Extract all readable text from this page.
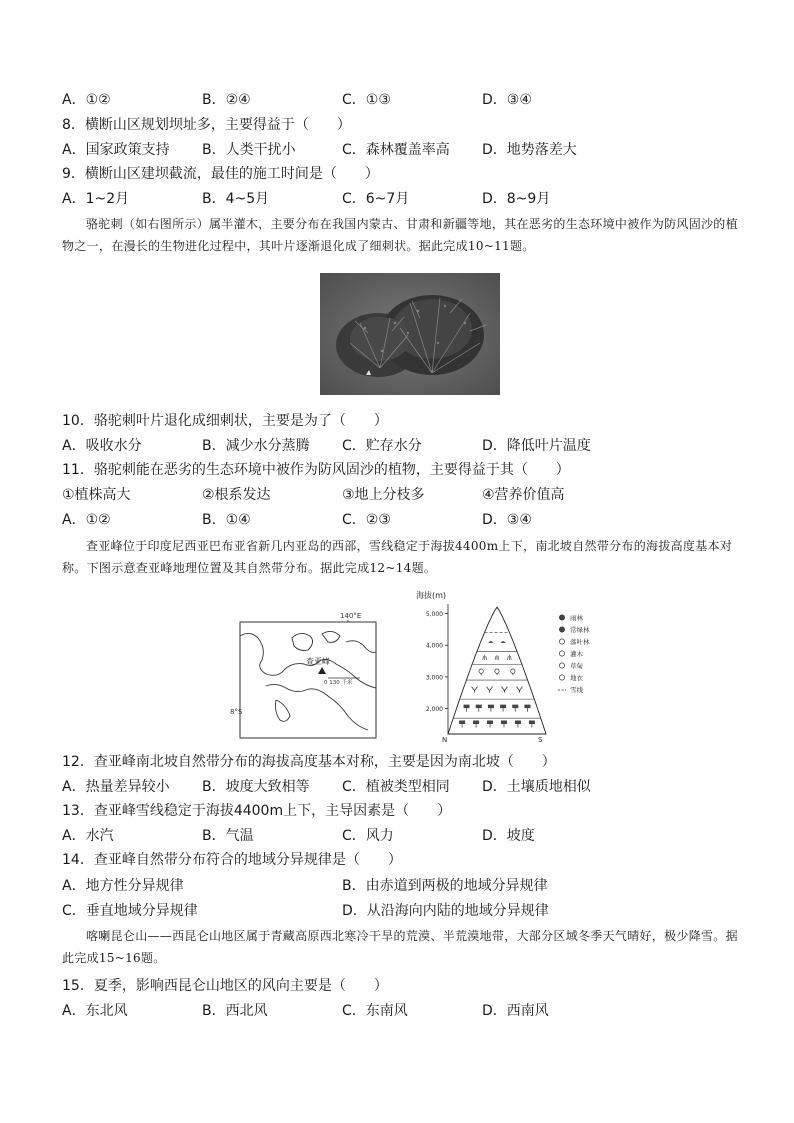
A．①②	B．②④	C．①③	D．③④
8．横断山区规划坝址多，主要得益于（　　）
A．国家政策支持 B．人类干扰小	C．森林覆盖率高 D．地势落差大
9．横断山区建坝截流，最佳的施工时间是（　　）
A．1~2月	B．4~5月	C．6~7月	D．8~9月
骆驼刺（如右图所示）属半灌木，主要分布在我国内蒙古、甘肃和新疆等地，其在恶劣的生态环境中被作为防风固沙的植物之一，在漫长的生物进化过程中，其叶片逐渐退化成了细刺状。据此完成10~11题。
10．骆驼刺叶片退化成细刺状，主要是为了（　　）
A．吸收水分	B．减少水分蒸腾 C．贮存水分	D．降低叶片温度
11．骆驼刺能在恶劣的生态环境中被作为防风固沙的植物，主要得益于其（　　）
①植株高大	②根系发达	③地上分枝多	④营养价值高
A．①②	B．①④	C．②③	D．③④
查亚峰位于印度尼西亚巴布亚省新几内亚岛的西部，雪线稳定于海拔4400m上下，南北坡自然带分布的海拔高度基本对称。下图示意查亚峰地理位置及其自然带分布。据此完成12~14题。
140°E
查亚峰
0 130 千米
8°S
海拔(m)
2,000
3,000
4,000
5,000
N	S
雨林
常绿林
落叶林
灌木
草甸
地衣
雪线
12．查亚峰南北坡自然带分布的海拔高度基本对称，主要是因为南北坡（　　）
A．热量差异较小 B．坡度大致相等 C．植被类型相同 D．土壤质地相似
13．查亚峰雪线稳定于海拔4400m上下，主导因素是（　　）
A．水汽	B．气温	C．风力	D．坡度
14．查亚峰自然带分布符合的地域分异规律是（　　）
A．地方性分异规律	B．由赤道到两极的地域分异规律
C．垂直地域分异规律	D．从沿海向内陆的地域分异规律
喀喇昆仑山——西昆仑山地区属于青藏高原西北寒冷干旱的荒漠、半荒漠地带，大部分区域冬季天气晴好，极少降雪。据此完成15~16题。
15．夏季，影响西昆仑山地区的风向主要是（　　）
A．东北风	B．西北风	C．东南风	D．西南风
